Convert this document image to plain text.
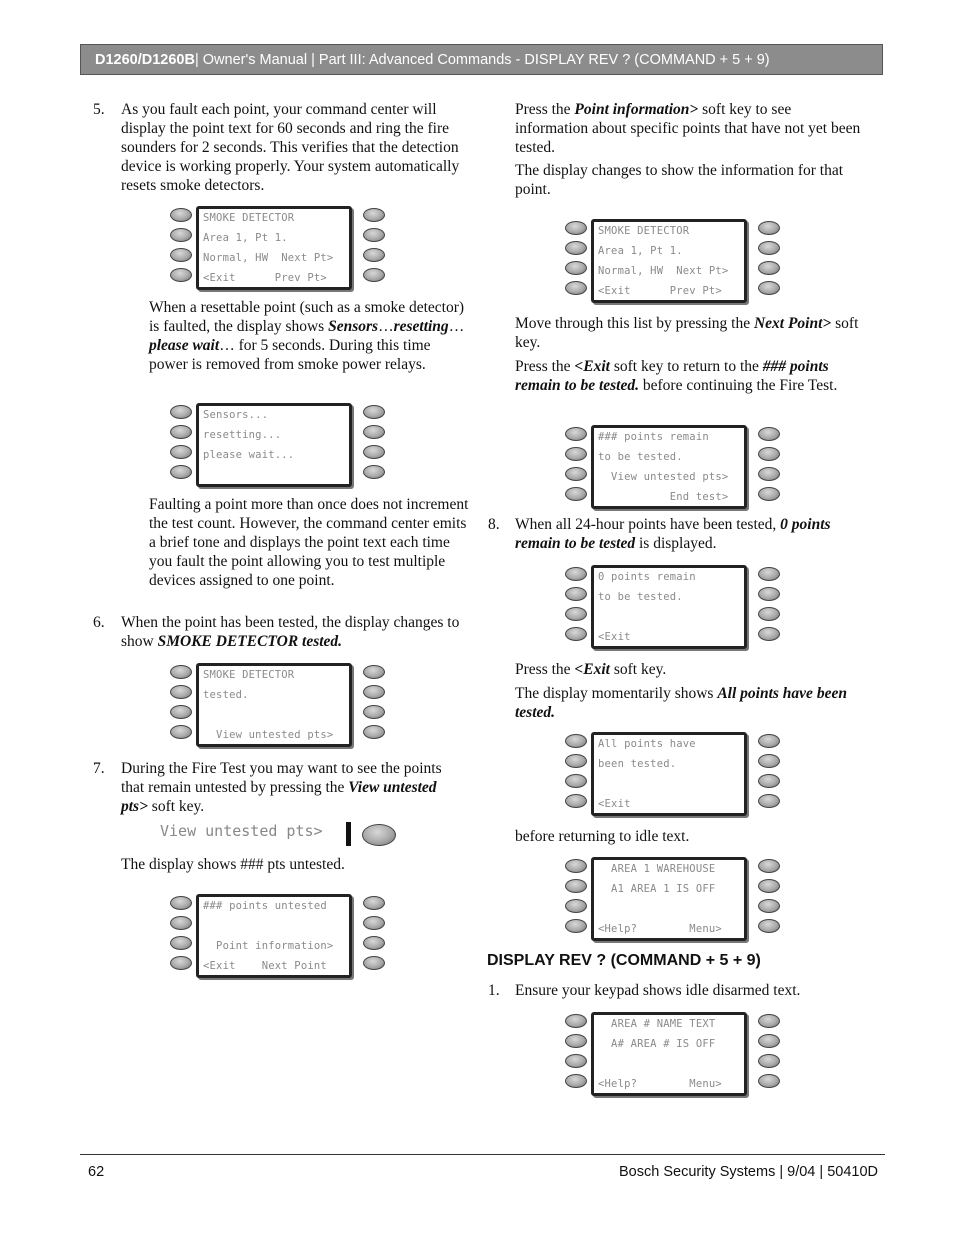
D1260/D1260B | Owner's Manual | Part III: Advanced Commands - DISPLAY REV ? (COMMAND + 5 + 9)
5. As you fault each point, your command center will display the point text for 60 seconds and ring the fire sounders for 2 seconds. This verifies that the detection device is working properly. Your system automatically resets smoke detectors.
SMOKE DETECTOR
Area 1, Pt 1.
Normal, HW  Next Pt>
<Exit      Prev Pt>
When a resettable point (such as a smoke detector) is faulted, the display shows Sensors…resetting…please wait… for 5 seconds. During this time power is removed from smoke power relays.
Sensors...
resetting...
please wait...
Faulting a point more than once does not increment the test count. However, the command center emits a brief tone and displays the point text each time you fault the point allowing you to test multiple devices assigned to one point.
6. When the point has been tested, the display changes to show SMOKE DETECTOR tested.
SMOKE DETECTOR
tested.
View untested pts>
7. During the Fire Test you may want to see the points that remain untested by pressing the View untested pts> soft key.
View untested pts>
The display shows ### pts untested.
### points untested
Point information>
<Exit    Next Point
Press the Point information> soft key to see information about specific points that have not yet been tested.
The display changes to show the information for that point.
SMOKE DETECTOR
Area 1, Pt 1.
Normal, HW  Next Pt>
<Exit      Prev Pt>
Move through this list by pressing the Next Point> soft key.
Press the <Exit soft key to return to the ### points remain to be tested. before continuing the Fire Test.
### points remain
to be tested.
View untested pts>
End test>
8. When all 24-hour points have been tested, 0 points remain to be tested is displayed.
0 points remain
to be tested.
<Exit
Press the <Exit soft key.
The display momentarily shows All points have been tested.
All points have
been tested.
<Exit
before returning to idle text.
AREA 1 WAREHOUSE
A1 AREA 1 IS OFF
<Help?        Menu>
DISPLAY REV ? (COMMAND + 5 + 9)
1. Ensure your keypad shows idle disarmed text.
AREA # NAME TEXT
A# AREA # IS OFF
<Help?        Menu>
62	Bosch Security Systems | 9/04 | 50410D
